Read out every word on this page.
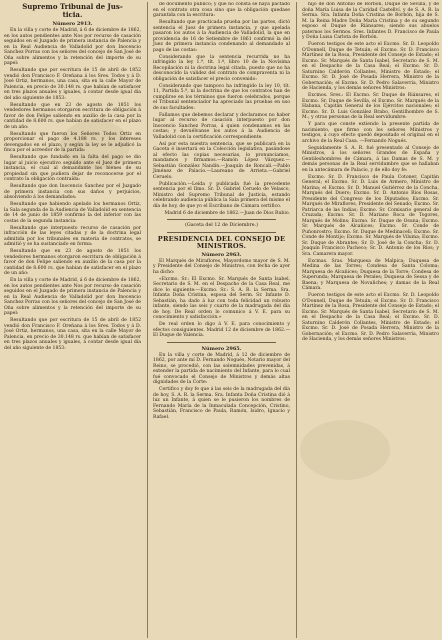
Supremo Tribunal de Jus-
ticia.
Número 2913.

En la villa y corte de Madrid, á 6 de diciembre de 1862, en los autos pendientes ante Nos por recurso de casación seguidos en el Juzgado de primera instancia de Palencia y en la Real Audiencia de Valladolid por don Inocencio Sanchez Porras con los señores del concejo de San José de Oña sobre alimentos y la retención del importe de su papel:

Resultando que por escritura de 15 de abril de 1852 vendió don Francisco F. Oreñana á los Sres. Todos y á D. José Ortiz, hermanos, una casa, sita en la calle Mayor de Palencia, en precio de 30.148 rs. que habían de satisfacer en tres plazos anuales y iguales, á contar desde igual día del año siguiente de 1853:

Resultando que en 23 de agosto de 1851 los vendedores hermanos otorgaron escritura de obligación á favor de don Felipe saliendo en auxilio de la casa por la cantidad de 8.600 rs. que habían de satisfacer en el plazo de un año:

Resultando que fueron los Señores Todos Ortiz en proporcionar el pago de 4.188 rs. y los intereses devengados en el plazo, y según la ley se le adjudicó la finca por el acreedor de la partida:

Resultando que fundado en la falta del pago se dio lugar al juicio ejecutivo seguido ante el Juez de primera instancia, el cual al demandante los bienes de su propiedad sin que pudiera dejar de reconocerse por el contrato la obligación contraída:

Resultando que don Inocencio Sanchez por el Juzgado de primera instancia con sus daños y perjuicios, absolviendo á los demandados:

Resultando que habiendo apelado los hermanos Ortiz, la Sala segunda de la Audiencia de Valladolid en sentencia de 14 de junio de 1859 confirmó la del inferior con las costas de la segunda instancia:

Resultando que interpuesto recurso de casación por infracción de las leyes citadas y de la doctrina legal admitida por los tribunales en materia de contratos, se admitió y se ha sustanciado en forma:

Resultando que en 23 de agosto de 1851 los vendedores hermanos otorgaron escritura de obligación á favor de don Felipe saliendo en auxilio de la casa por la cantidad de 8.600 rs. que habían de satisfacer en el plazo de un año:

En la villa y corte de Madrid, á 6 de diciembre de 1862, en los autos pendientes ante Nos por recurso de casación seguidos en el Juzgado de primera instancia de Palencia y en la Real Audiencia de Valladolid por don Inocencio Sanchez Porras con los señores del concejo de San José de Oña sobre alimentos y la retención del importe de su papel:

Resultando que por escritura de 15 de abril de 1852 vendió don Francisco F. Oreñana á los Sres. Todos y á D. José Ortiz, hermanos, una casa, sita en la calle Mayor de Palencia, en precio de 30.148 rs. que habían de satisfacer en tres plazos anuales y iguales, á contar desde igual día del año siguiente de 1853:

de documento público; y que no consta se haya pactado en el contrato otra cosa sino que la obligación quedase garantida con la escritura:

Resultando que practicada prueba por las partes, dictó sentencia el Juez de primera instancia, y que apelada pasaron los autos á la Audiencia de Valladolid, la que en providencia de 16 de Setiembre de 1861 confirmó la del Juez de primera instancia condenando al demandado al pago de las costas:

Considerando que la sentencia recurrida no ha infringido la ley 1.ª, tít. 1.º, libro 10 de la Novísima Recopilación ni la doctrina legal citada, puesto que no ha desconocido la validez del contrato de compraventa ni la obligación de satisfacer el precio convenido:

Considerando que tampoco ha infringido la ley 10, tít. 11, Partida 5.ª, ni la doctrina de que los contratos han de cumplirse en los términos que fueron celebrados, porque el Tribunal sentenciador ha apreciado las pruebas en uso de sus facultades:

Fallamos que debemos declarar y declaramos no haber lugar al recurso de casación interpuesto por don Inocencio Sanchez Porras, á quien condenamos en las costas; y devuélvanse los autos á la Audiencia de Valladolid con la certificación correspondiente.

Así por esta nuestra sentencia, que se publicará en la Gaceta é insertará en la Colección legislativa, pasándose al efecto las copias necesarias, lo pronunciamos, mandamos y firmamos.—Ramón López Vázquez.—Sebastián González Nandín.—Joaquín de Roncali.—Pablo Jiménez de Palacio.—Laureano de Arrieta.—Gabriel Ceruelo.

Publicación.—Leída y publicada fué la precedente sentencia por el Ilmo. Sr. D. Gabriel Ceruelo de Velasco, Ministro del Supremo Tribunal de Justicia, estando celebrando audiencia pública la Sala primera del mismo el día de hoy, de que yo el Escribano de Cámara certifico.

Madrid 6 de diciembre de 1862.—Juan de Dios Rubio.
(Gaceta del 12 de Diciembre.)
PRESIDENCIA DEL CONSEJO DE MINISTROS.
Número 2963.

El Marqués de Miraflores, Mayordomo mayor de S. M. y Presidente del Consejo de Ministros, con fecha de ayer ha dicho:

«Excmo. Sr.: El Excmo. Sr. Marqués de Santa Isabel, Secretario de S. M. en el Despacho de la Casa Real, me dice lo siguiente:—Excmo. Sr.: S. A. R. la Serma. Sra. Infanta Doña Cristina, esposa del Serm. Sr. Infante D. Sebastián, ha dado á luz con toda felicidad un robusto infante, siendo las seis y cuarto de la madrugada del día de hoy. De Real orden lo comunico á V. E. para su conocimiento y satisfacción.»

De real orden lo digo á V. E. para conocimiento y efectos consiguientes. Madrid 12 de diciembre de 1862.—El Duque de Valencia.

Número 2965.

En la villa y corte de Madrid, á 12 de diciembre de 1862, por ante mí D. Fernando Nogués, Notario mayor del Reino, se procedió, con las solemnidades prevenidas, á extender la partida de nacimiento del Infante, para lo cual fué convocado el Consejo de Ministros y demás altas dignidades de la Corte:

Certifico y doy fe que á las seis de la madrugada del día de hoy, S. A. R. la Serma. Sra. Infanta Doña Cristina dió á luz un Infante, á quien se le pusieron los nombres de Fernando María de la Inmaculada Concepción, Cristino, Sebastián, Francisco de Paula, Ramón, Isidro, Ignacio y Rafael.

hijo de don Antonio de Borbón, Duque de Sevilla, y de doña María Luisa de la Caridad Castellví, y de S. A. R. la Serma. Sra. Infanta Doña Cristina de Borbón, hija de S. M. la Reina Madre Doña María Cristina y de su segundo esposo el Duque de Riánsares; siendo sus abuelos paternos los Sermos. Sres. Infantes D. Francisco de Paula y Doña Luisa Carlota de Borbón.

Fueron testigos de este acto el Excmo. Sr. D. Leopoldo O'Donnell, Duque de Tetuán; el Excmo. Sr. D. Francisco Martínez de la Rosa, Presidente del Consejo de Estado; el Excmo. Sr. Marqués de Santa Isabel, Secretario de S. M. en el Despacho de la Casa Real; el Excmo. Sr. D. Saturnino Calderón Collantes, Ministro de Estado; el Excmo. Sr. D. José de Posada Herrera, Ministro de la Gobernación; el Excmo. Sr. D. Pedro Salaverría, Ministro de Hacienda, y los demás señores Ministros:

Excmos. Sres.: El Excmo. Sr. Duque de Riánsares, el Excmo. Sr. Duque de Sevilla, el Excmo. Sr. Marqués de la Habana, Capitán General de los Ejércitos nacionales; el Excmo. Sr. D. Luis González Brabo, Gentilhombre de S. M.; y otras personas de la Real servidumbre:

Y para que conste extiendo la presente partida de nacimiento, que firmo con los señores Ministros y testigos, á cuyo efecto quedó depositado el original en el archivo de la Real Casa. —Fernando Nogués.

Seguidamente S. A. R. fué presentado al Consejo de Ministros, á los señores Grandes de España y Gentileshombres de Cámara, á las Damas de S. M. y demás personas de la Real servidumbre que se hallaban en la antecámara de Palacio, y de ello doy fe:

Excmo. Sr. D. Francisco de Paula Cotoner, Capitán General; el Excmo. Sr. D. Luis de Armero, Ministro de Marina; el Excmo. Sr. D. Manuel Gutiérrez de la Concha, Marqués del Duero; Excmo. Sr. D. Antonio Ríos Rosas, Presidente del Congreso de los Diputados; Excmo. Sr. Marqués de Miraflores, Presidente del Senado; Excmo. Sr. Patriarca de las Indias; Excmo. Sr. Comisario general de Cruzada; Excmo. Sr. D. Mariano Roca de Togores, Marqués de Molins; Excmo. Sr. Duque de Osuna; Excmo. Sr. Marqués de Alcañices; Excmo. Sr. Conde de Puñonrostro; Excmo. Sr. Duque de Medinaceli; Excmo. Sr. Conde de Montijo; Excmo. Sr. Marqués de Viluma; Excmo. Sr. Duque de Abrantes; Sr. D. José de la Concha; Sr. D. Joaquín Francisco Pacheco; Sr. D. Antonio de los Ríos; y Sra. Camarera mayor.

Excmas. Sras. Marquesa de Malpica; Duquesa de Medina de las Torres; Condesa de Santa Coloma; Marquesa de Alcañices; Duquesa de la Torre; Condesa de Superunda; Marquesa de Perales; Duquesa de Sessa y de Baena; y Marquesa de Novaliches; y damas de la Real Cámara.

Fueron testigos de este acto el Excmo. Sr. D. Leopoldo O'Donnell, Duque de Tetuán; el Excmo. Sr. D. Francisco Martínez de la Rosa, Presidente del Consejo de Estado; el Excmo. Sr. Marqués de Santa Isabel, Secretario de S. M. en el Despacho de la Casa Real; el Excmo. Sr. D. Saturnino Calderón Collantes, Ministro de Estado; el Excmo. Sr. D. José de Posada Herrera, Ministro de la Gobernación; el Excmo. Sr. D. Pedro Salaverría, Ministro de Hacienda, y los demás señores Ministros:
